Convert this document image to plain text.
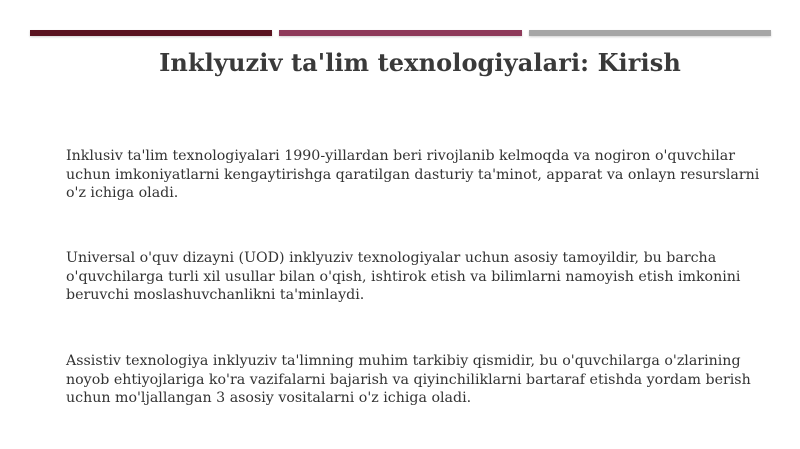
Inklyuziv ta'lim texnologiyalari: Kirish
Inklusiv ta'lim texnologiyalari 1990-yillardan beri rivojlanib kelmoqda va nogiron o'quvchilar uchun imkoniyatlarni kengaytirishga qaratilgan dasturiy ta'minot, apparat va onlayn resurslarni o'z ichiga oladi.
Universal o'quv dizayni (UOD) inklyuziv texnologiyalar uchun asosiy tamoyildir, bu barcha o'quvchilarga turli xil usullar bilan o'qish, ishtirok etish va bilimlarni namoyish etish imkonini beruvchi moslashuvchanlikni ta'minlaydi.
Assistiv texnologiya inklyuziv ta'limning muhim tarkibiy qismidir, bu o'quvchilarga o'zlarining noyob ehtiyojlariga ko'ra vazifalarni bajarish va qiyinchiliklarni bartaraf etishda yordam berish uchun mo'ljallangan 3 asosiy vositalarni o'z ichiga oladi.
